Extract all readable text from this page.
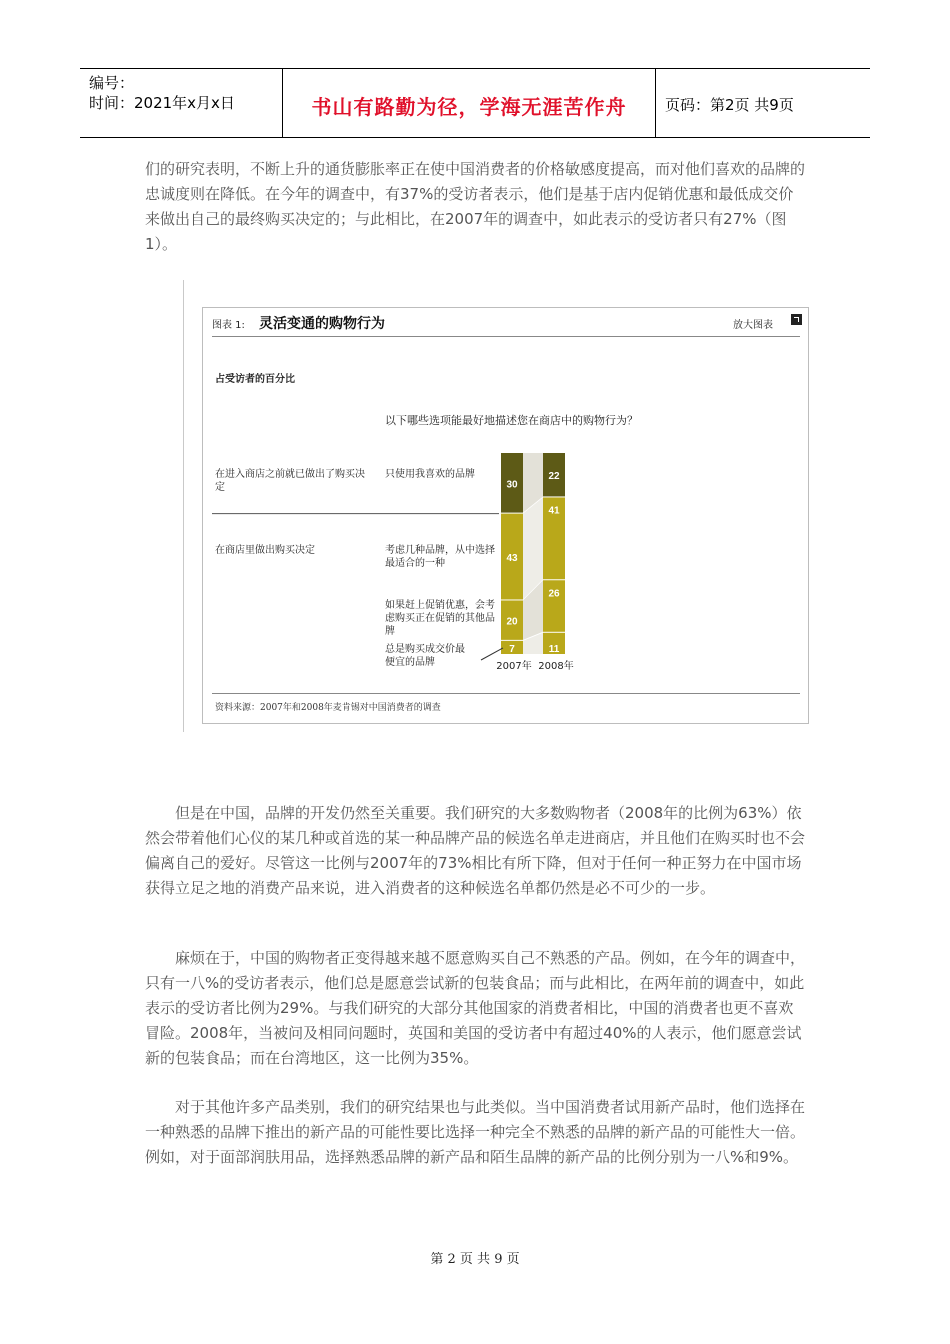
编号：
时间：2021年x月x日	书山有路勤为径，学海无涯苦作舟	页码：第2页 共9页
们的研究表明，不断上升的通货膨胀率正在使中国消费者的价格敏感度提高，而对他们喜欢的品牌的忠诚度则在降低。在今年的调查中，有37%的受访者表示，他们是基于店内促销优惠和最低成交价来做出自己的最终购买决定的；与此相比，在2007年的调查中，如此表示的受访者只有27%（图1）。
图表 1: 灵活变通的购物行为	放大图表
占受访者的百分比
以下哪些选项能最好地描述您在商店中的购物行为？
在进入商店之前就已做出了购买决定
在商店里做出购买决定
只使用我喜欢的品牌
考虑几种品牌，从中选择最适合的一种
如果赶上促销优惠，会考虑购买正在促销的其他品牌
总是购买成交价最便宜的品牌
30
43
20
7
2007年
22
41
26
11
2008年
资料来源：2007年和2008年麦肯锡对中国消费者的调查
　　但是在中国，品牌的开发仍然至关重要。我们研究的大多数购物者（2008年的比例为63%）依然会带着他们心仪的某几种或首选的某一种品牌产品的候选名单走进商店，并且他们在购买时也不会偏离自己的爱好。尽管这一比例与2007年的73%相比有所下降，但对于任何一种正努力在中国市场获得立足之地的消费产品来说，进入消费者的这种候选名单都仍然是必不可少的一步。
　　麻烦在于，中国的购物者正变得越来越不愿意购买自己不熟悉的产品。例如，在今年的调查中，只有一八%的受访者表示，他们总是愿意尝试新的包装食品；而与此相比，在两年前的调查中，如此表示的受访者比例为29%。与我们研究的大部分其他国家的消费者相比，中国的消费者也更不喜欢冒险。2008年，当被问及相同问题时，英国和美国的受访者中有超过40%的人表示，他们愿意尝试新的包装食品；而在台湾地区，这一比例为35%。
　　对于其他许多产品类别，我们的研究结果也与此类似。当中国消费者试用新产品时，他们选择在一种熟悉的品牌下推出的新产品的可能性要比选择一种完全不熟悉的品牌的新产品的可能性大一倍。例如，对于面部润肤用品，选择熟悉品牌的新产品和陌生品牌的新产品的比例分别为一八%和9%。
第 2 页 共 9 页
